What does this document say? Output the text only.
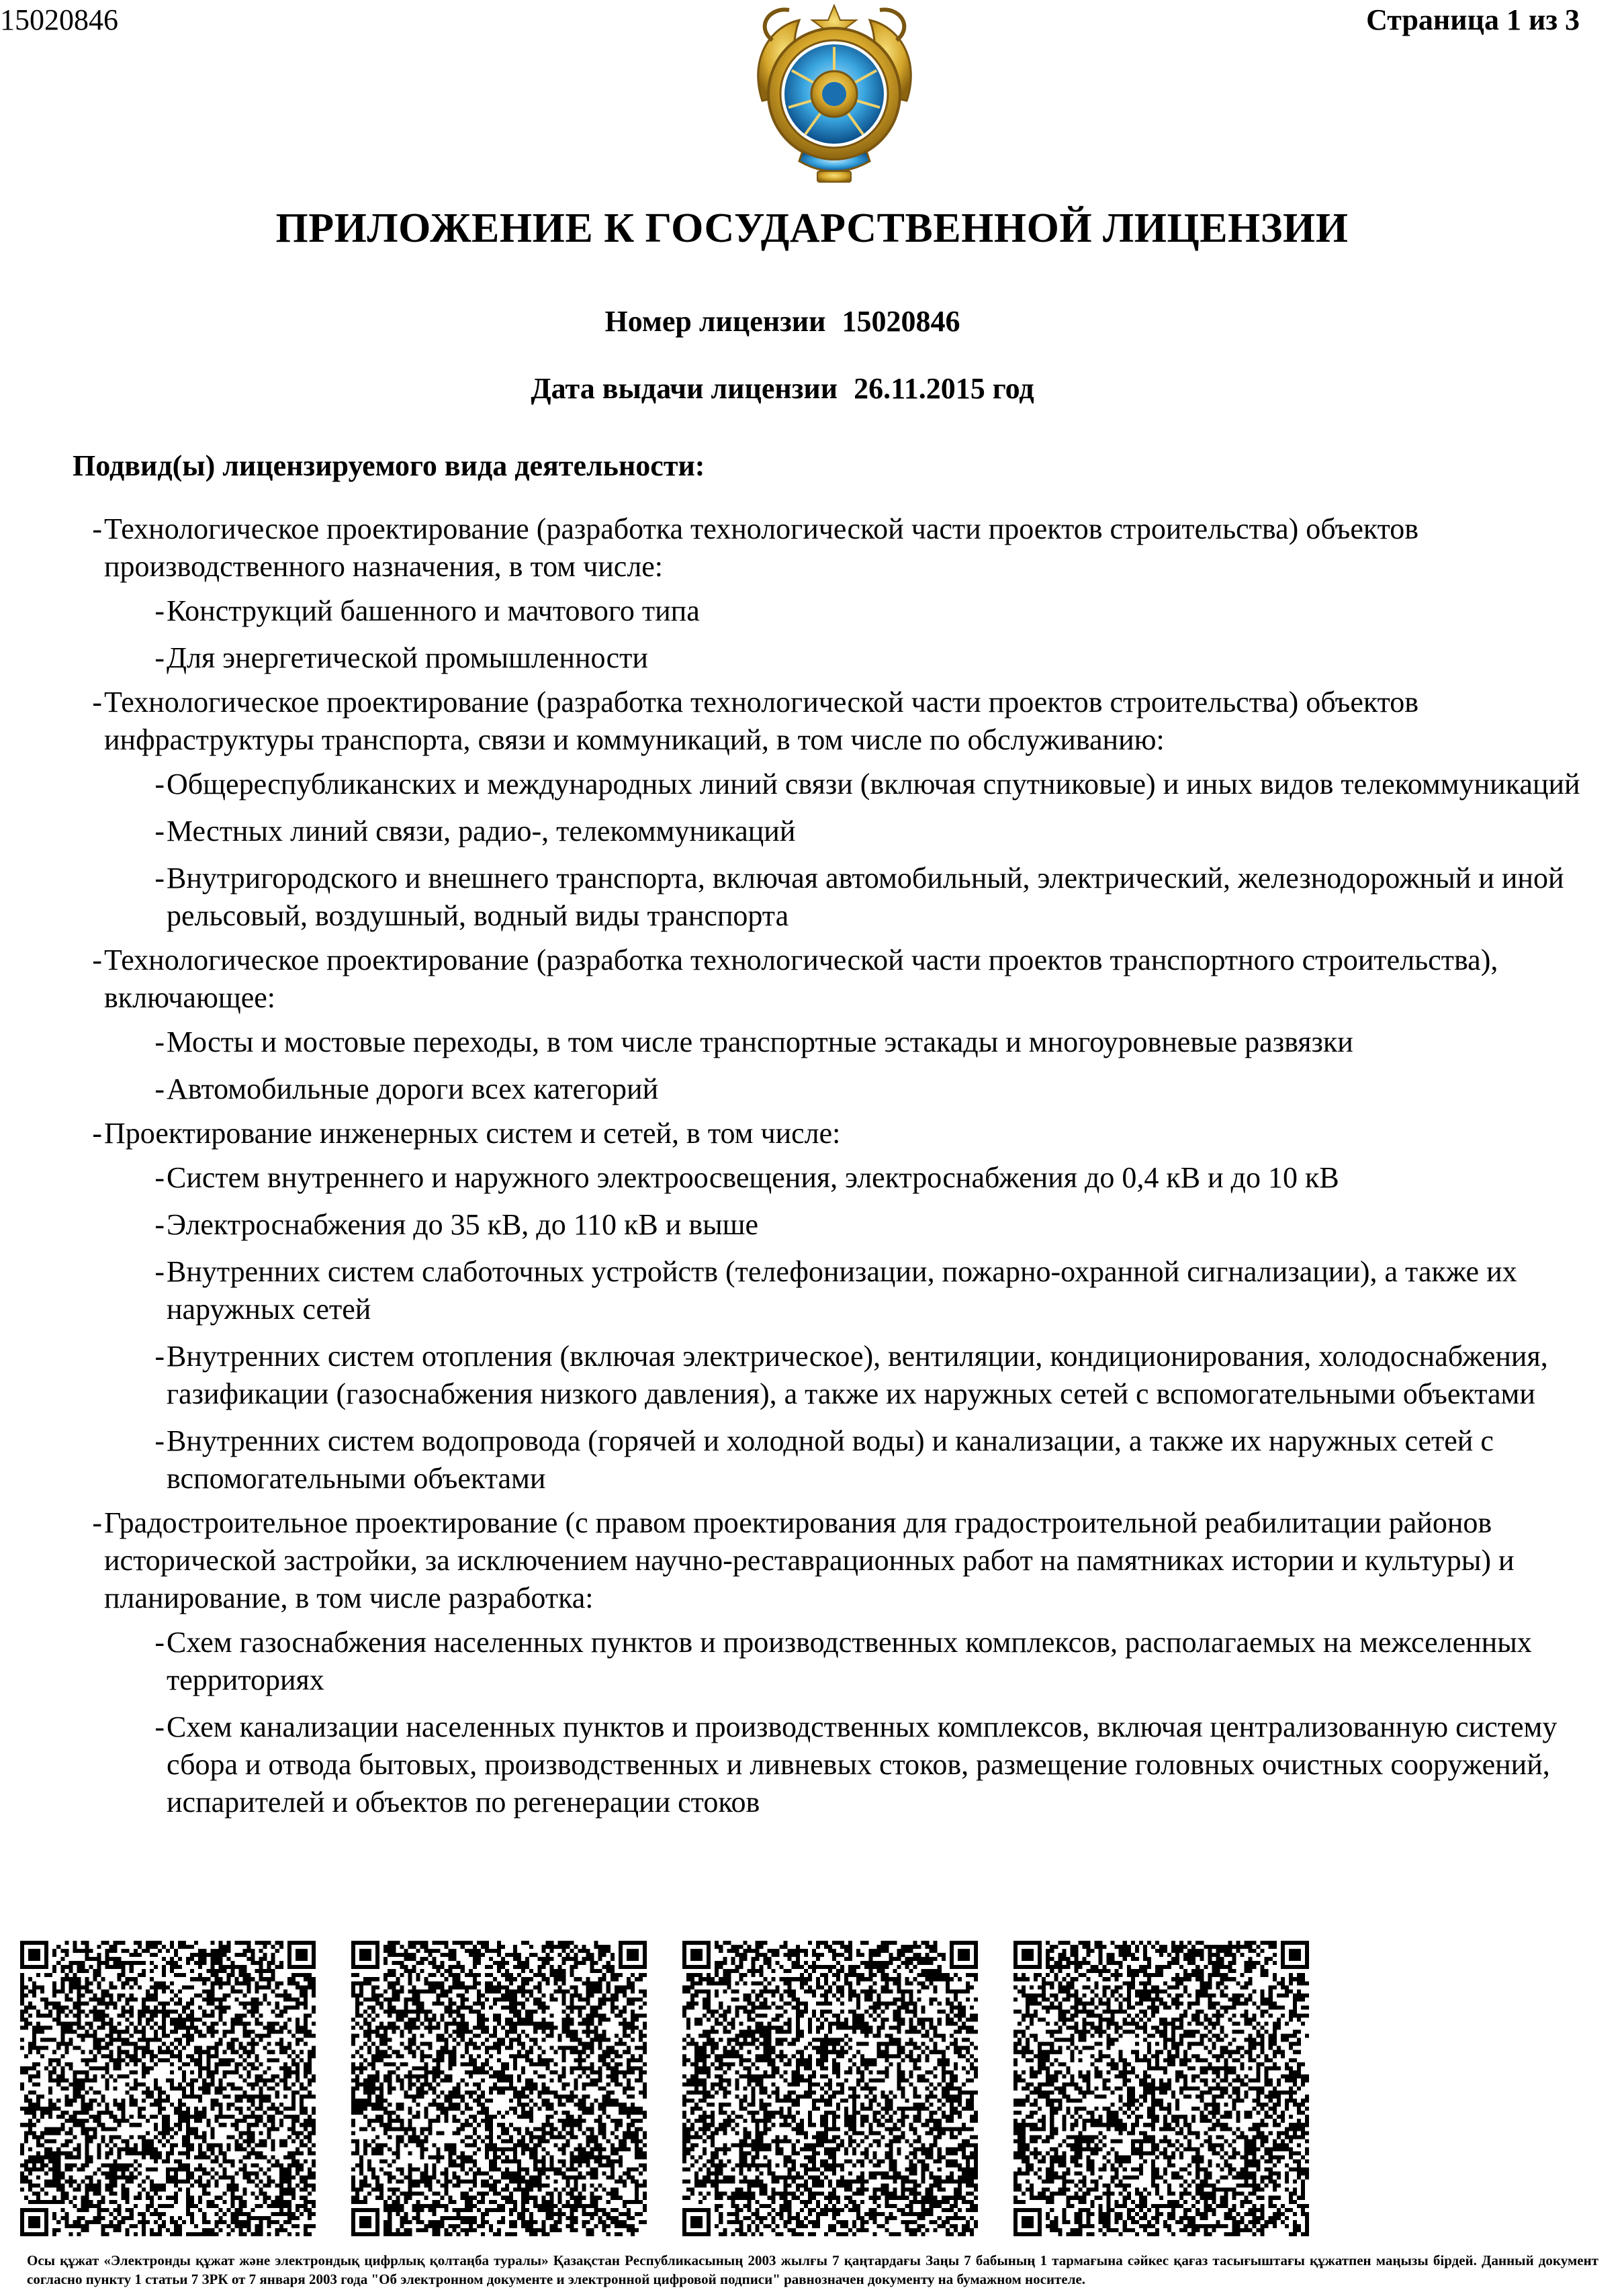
15020846	Страница 1 из 3
ПРИЛОЖЕНИЕ К ГОСУДАРСТВЕННОЙ ЛИЦЕНЗИИ
Номер лицензии 15020846
Дата выдачи лицензии 26.11.2015 год
Подвид(ы) лицензируемого вида деятельности:
- Технологическое проектирование (разработка технологической части проектов строительства) объектов производственного назначения, в том числе:
- Конструкций башенного и мачтового типа
- Для энергетической промышленности
- Технологическое проектирование (разработка технологической части проектов строительства) объектов инфраструктуры транспорта, связи и коммуникаций, в том числе по обслуживанию:
- Общереспубликанских и международных линий связи (включая спутниковые) и иных видов телекоммуникаций
- Местных линий связи, радио-, телекоммуникаций
- Внутригородского и внешнего транспорта, включая автомобильный, электрический, железнодорожный и иной рельсовый, воздушный, водный виды транспорта
- Технологическое проектирование (разработка технологической части проектов транспортного строительства), включающее:
- Мосты и мостовые переходы, в том числе транспортные эстакады и многоуровневые развязки
- Автомобильные дороги всех категорий
- Проектирование инженерных систем и сетей, в том числе:
- Систем внутреннего и наружного электроосвещения, электроснабжения до 0,4 кВ и до 10 кВ
- Электроснабжения до 35 кВ, до 110 кВ и выше
- Внутренних систем слаботочных устройств (телефонизации, пожарно-охранной сигнализации), а также их наружных сетей
- Внутренних систем отопления (включая электрическое), вентиляции, кондиционирования, холодоснабжения, газификации (газоснабжения низкого давления), а также их наружных сетей с вспомогательными объектами
- Внутренних систем водопровода (горячей и холодной воды) и канализации, а также их наружных сетей с вспомогательными объектами
- Градостроительное проектирование (с правом проектирования для градостроительной реабилитации районов исторической застройки, за исключением научно-реставрационных работ на памятниках истории и культуры) и планирование, в том числе разработка:
- Схем газоснабжения населенных пунктов и производственных комплексов, располагаемых на межселенных территориях
- Схем канализации населенных пунктов и производственных комплексов, включая централизованную систему сбора и отвода бытовых, производственных и ливневых стоков, размещение головных очистных сооружений, испарителей и объектов по регенерации стоков
Осы құжат «Электронды құжат және электрондық цифрлық қолтаңба туралы» Қазақстан Республикасының 2003 жылғы 7 қаңтардағы Заңы 7 бабының 1 тармағына сәйкес қағаз тасығыштағы құжатпен маңызы бірдей. Данный документ согласно пункту 1 статьи 7 ЗРК от 7 января 2003 года "Об электронном документе и электронной цифровой подписи" равнозначен документу на бумажном носителе.
